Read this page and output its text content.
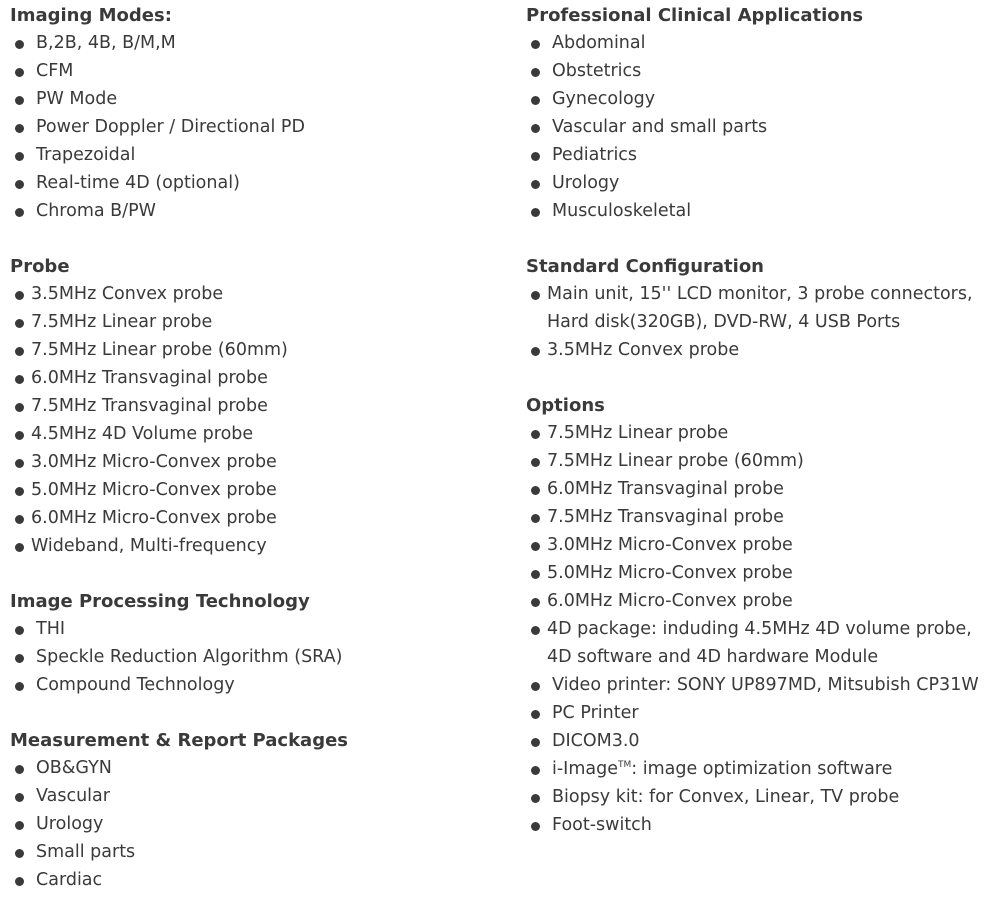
Imaging Modes:
B,2B, 4B, B/M,M
CFM
PW Mode
Power Doppler / Directional PD
Trapezoidal
Real-time 4D (optional)
Chroma B/PW
Probe
3.5MHz Convex probe
7.5MHz Linear probe
7.5MHz Linear probe (60mm)
6.0MHz Transvaginal probe
7.5MHz Transvaginal probe
4.5MHz 4D Volume probe
3.0MHz Micro-Convex probe
5.0MHz Micro-Convex probe
6.0MHz Micro-Convex probe
Wideband, Multi-frequency
Image Processing Technology
THI
Speckle Reduction Algorithm (SRA)
Compound Technology
Measurement & Report Packages
OB&GYN
Vascular
Urology
Small parts
Cardiac
Professional Clinical Applications
Abdominal
Obstetrics
Gynecology
Vascular and small parts
Pediatrics
Urology
Musculoskeletal
Standard Configuration
Main unit, 15'' LCD monitor, 3 probe connectors,
Hard disk(320GB), DVD-RW, 4 USB Ports
3.5MHz Convex probe
Options
7.5MHz Linear probe
7.5MHz Linear probe (60mm)
6.0MHz Transvaginal probe
7.5MHz Transvaginal probe
3.0MHz Micro-Convex probe
5.0MHz Micro-Convex probe
6.0MHz Micro-Convex probe
4D package: induding 4.5MHz 4D volume probe,
4D software and 4D hardware Module
Video printer: SONY UP897MD, Mitsubish CP31W
PC Printer
DICOM3.0
i-Image™: image optimization software
Biopsy kit: for Convex, Linear, TV probe
Foot-switch
